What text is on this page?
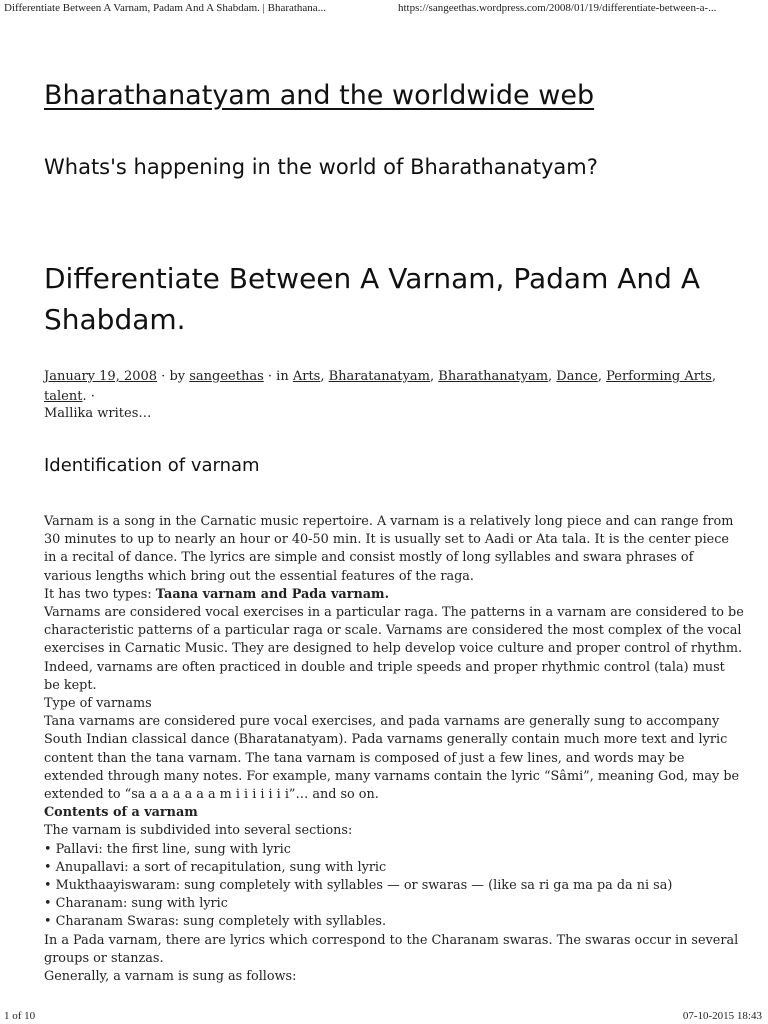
Differentiate Between A Varnam, Padam And A Shabdam. | Bharathana...	https://sangeethas.wordpress.com/2008/01/19/differentiate-between-a-...
Bharathanatyam and the worldwide web
Whats's happening in the world of Bharathanatyam?
Differentiate Between A Varnam, Padam And A Shabdam.
January 19, 2008 · by sangeethas · in Arts, Bharatanatyam, Bharathanatyam, Dance, Performing Arts, talent. ·
Mallika writes…
Identification of varnam

Varnam is a song in the Carnatic music repertoire. A varnam is a relatively long piece and can range from 30 minutes to up to nearly an hour or 40-50 min. It is usually set to Aadi or Ata tala. It is the center piece in a recital of dance. The lyrics are simple and consist mostly of long syllables and swara phrases of various lengths which bring out the essential features of the raga.

It has two types: Taana varnam and Pada varnam.

Varnams are considered vocal exercises in a particular raga. The patterns in a varnam are considered to be characteristic patterns of a particular raga or scale. Varnams are considered the most complex of the vocal exercises in Carnatic Music. They are designed to help develop voice culture and proper control of rhythm. Indeed, varnams are often practiced in double and triple speeds and proper rhythmic control (tala) must be kept.

Type of varnams

Tana varnams are considered pure vocal exercises, and pada varnams are generally sung to accompany South Indian classical dance (Bharatanatyam). Pada varnams generally contain much more text and lyric content than the tana varnam. The tana varnam is composed of just a few lines, and words may be extended through many notes. For example, many varnams contain the lyric “Sâmi”, meaning God, may be extended to “sa a a a a a a m i i i i i i i”… and so on.

Contents of a varnam

The varnam is subdivided into several sections:

• Pallavi: the first line, sung with lyric
• Anupallavi: a sort of recapitulation, sung with lyric
• Mukthaayiswaram: sung completely with syllables — or swaras — (like sa ri ga ma pa da ni sa)
• Charanam: sung with lyric
• Charanam Swaras: sung completely with syllables.

In a Pada varnam, there are lyrics which correspond to the Charanam swaras. The swaras occur in several groups or stanzas.

Generally, a varnam is sung as follows:

1 of 10	07-10-2015 18:43
